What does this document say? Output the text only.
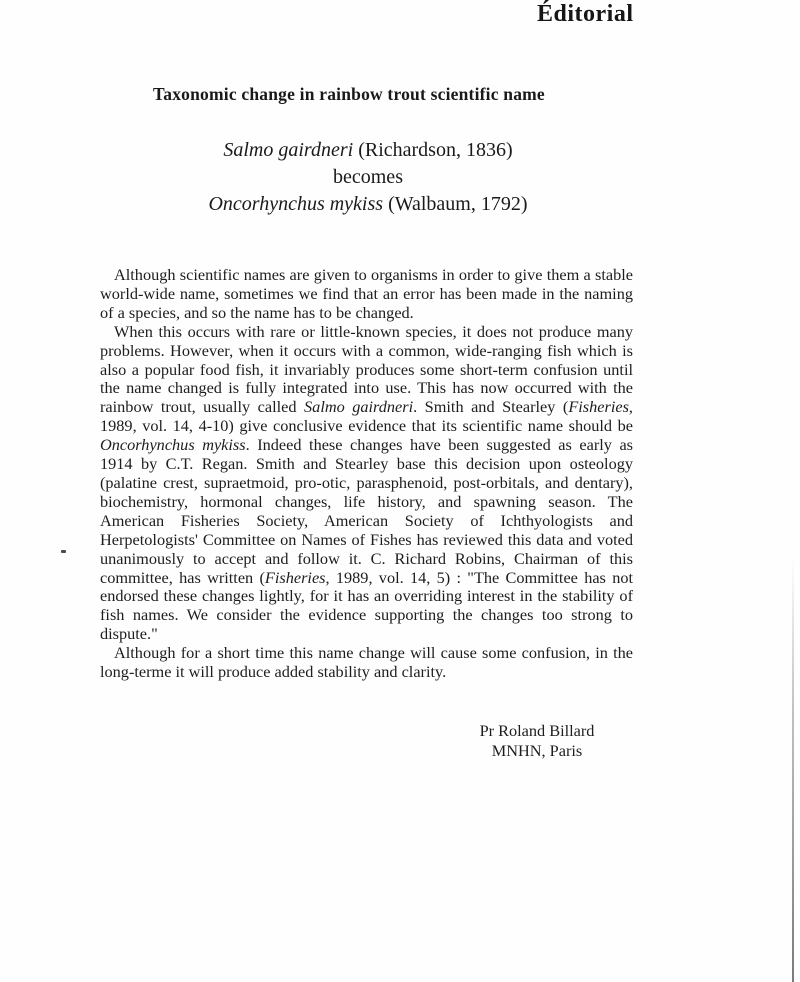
Éditorial
Taxonomic change in rainbow trout scientific name
Salmo gairdneri (Richardson, 1836)
becomes
Oncorhynchus mykiss (Walbaum, 1792)

Although scientific names are given to organisms in order to give them a stable world-wide name, sometimes we find that an error has been made in the naming of a species, and so the name has to be changed.

When this occurs with rare or little-known species, it does not produce many problems. However, when it occurs with a common, wide-ranging fish which is also a popular food fish, it invariably produces some short-term confusion until the name changed is fully integrated into use. This has now occurred with the rainbow trout, usually called Salmo gairdneri. Smith and Stearley (Fisheries, 1989, vol. 14, 4-10) give conclusive evidence that its scientific name should be Oncorhynchus mykiss. Indeed these changes have been suggested as early as 1914 by C.T. Regan. Smith and Stearley base this decision upon osteology (palatine crest, supraetmoid, pro-otic, parasphenoid, post-orbitals, and dentary), biochemistry, hormonal changes, life history, and spawning season. The American Fisheries Society, American Society of Ichthyologists and Herpetologists' Committee on Names of Fishes has reviewed this data and voted unanimously to accept and follow it. C. Richard Robins, Chairman of this committee, has written (Fisheries, 1989, vol. 14, 5) : "The Committee has not endorsed these changes lightly, for it has an overriding interest in the stability of fish names. We consider the evidence supporting the changes too strong to dispute."

Although for a short time this name change will cause some confusion, in the long-terme it will produce added stability and clarity.

Pr Roland Billard
MNHN, Paris
